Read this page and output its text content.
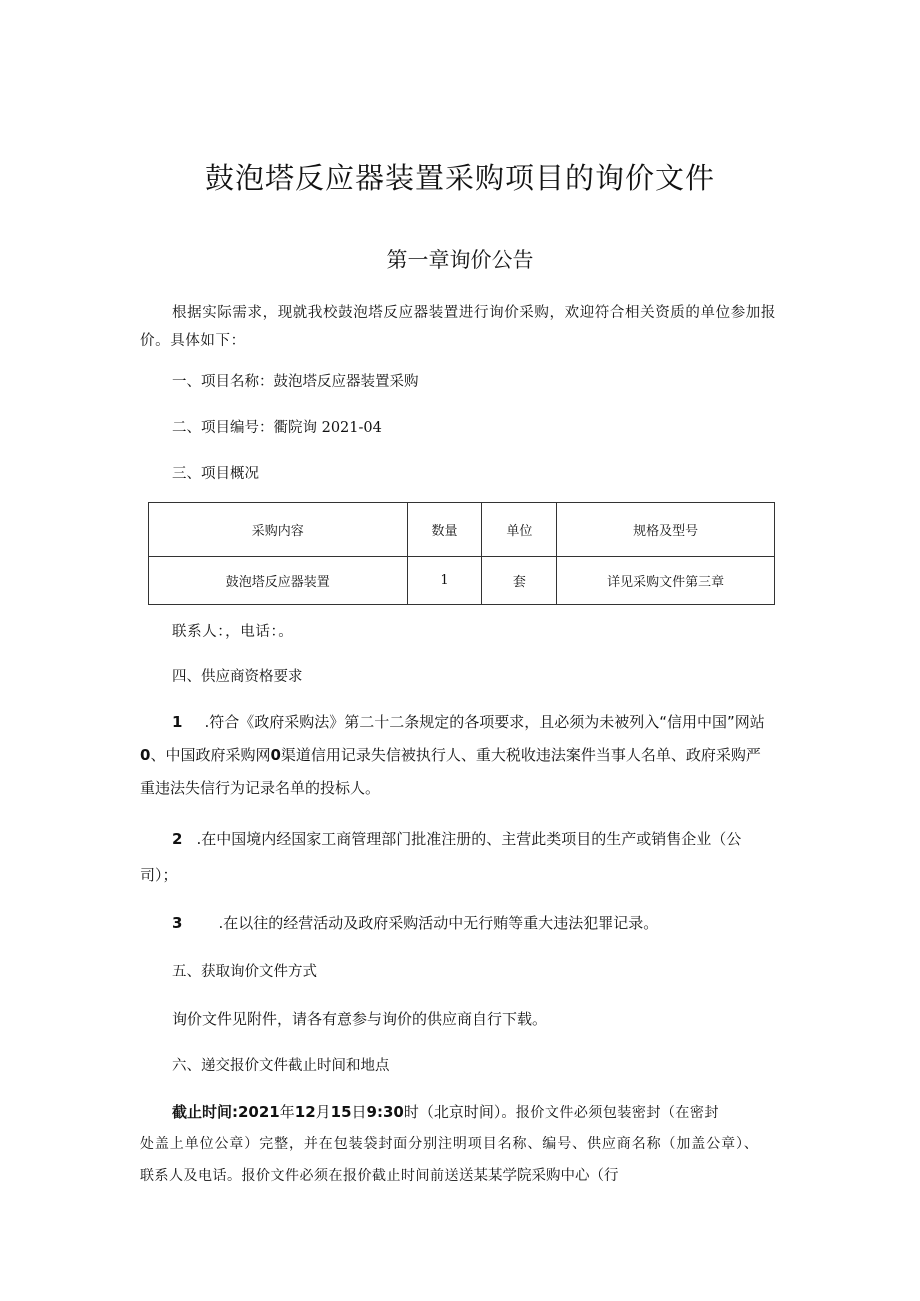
鼓泡塔反应器装置采购项目的询价文件
第一章询价公告
根据实际需求，现就我校鼓泡塔反应器装置进行询价采购，欢迎符合相关资质的单位参加报
价。具体如下：
一、项目名称：鼓泡塔反应器装置采购
二、项目编号：衢院询 2021-04
三、项目概况
采购内容	数量	单位	规格及型号
鼓泡塔反应器装置	1	套	详见采购文件第三章
联系人：，电话：。
四、供应商资格要求
1 .符合《政府采购法》第二十二条规定的各项要求，且必须为未被列入“信用中国”网站
0、中国政府采购网0渠道信用记录失信被执行人、重大税收违法案件当事人名单、政府采购严
重违法失信行为记录名单的投标人。
2 .在中国境内经国家工商管理部门批准注册的、主营此类项目的生产或销售企业（公
司）；
3 .在以往的经营活动及政府采购活动中无行贿等重大违法犯罪记录。
五、获取询价文件方式
询价文件见附件，请各有意参与询价的供应商自行下载。
六、递交报价文件截止时间和地点
截止时间:2021年12月15日9:30时（北京时间）。报价文件必须包装密封（在密封
处盖上单位公章）完整，并在包装袋封面分别注明项目名称、编号、供应商名称（加盖公章）、
联系人及电话。报价文件必须在报价截止时间前送送某某学院采购中心（行
